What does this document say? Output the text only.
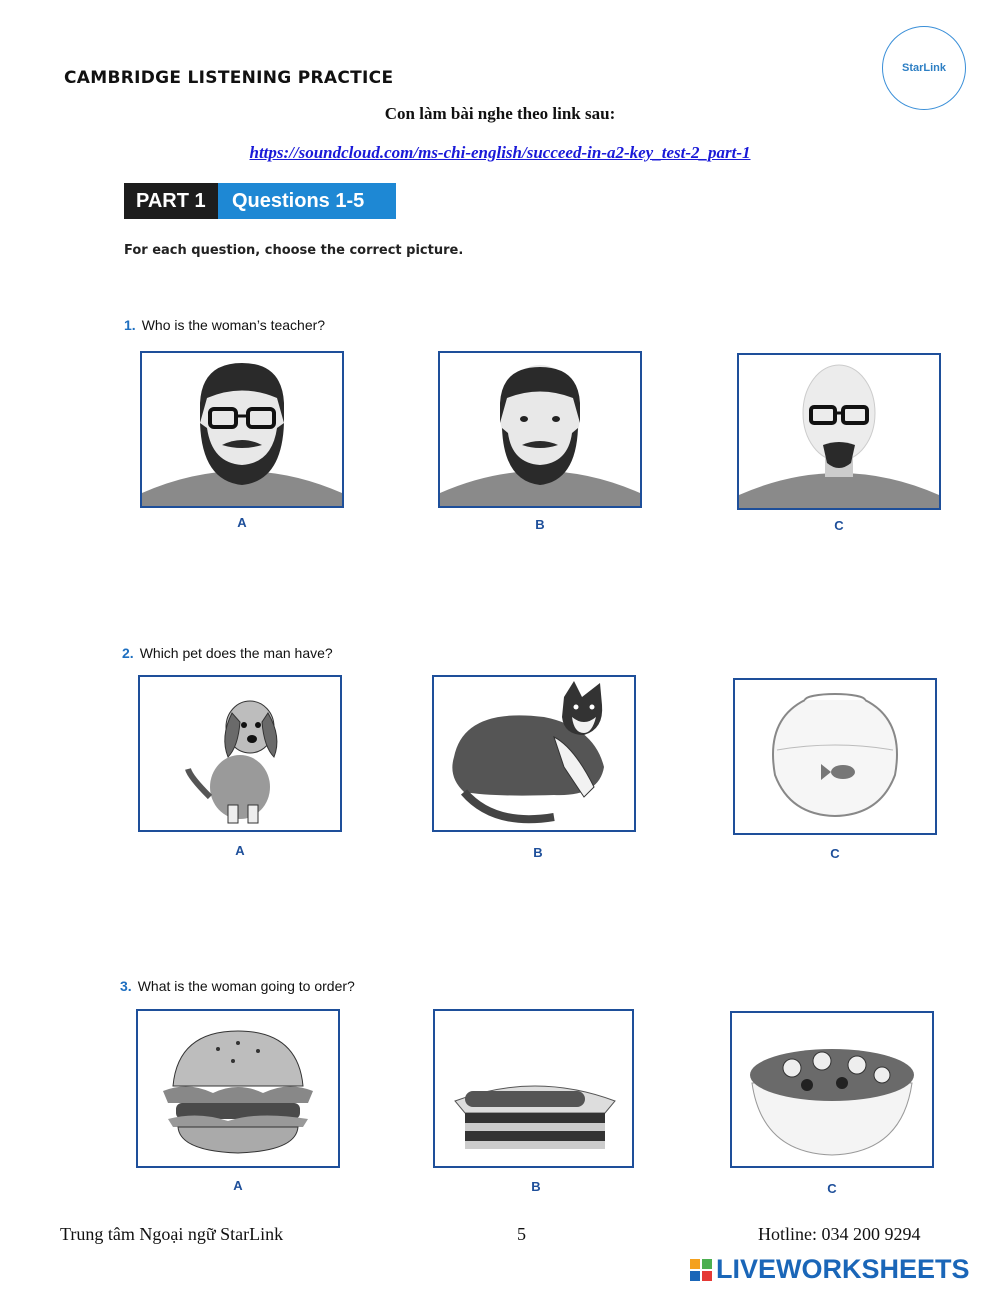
CAMBRIDGE LISTENING PRACTICE	StarLink
Con làm bài nghe theo link sau:
https://soundcloud.com/ms-chi-english/succeed-in-a2-key_test-2_part-1
PART 1	Questions 1-5
For each question, choose the correct picture.
1. Who is the woman’s teacher?
A	B	C
2. Which pet does the man have?
A	B	C
3. What is the woman going to order?
A	B	C
Trung tâm Ngoại ngữ StarLink	5	Hotline: 034 200 9294
LIVEWORKSHEETS
